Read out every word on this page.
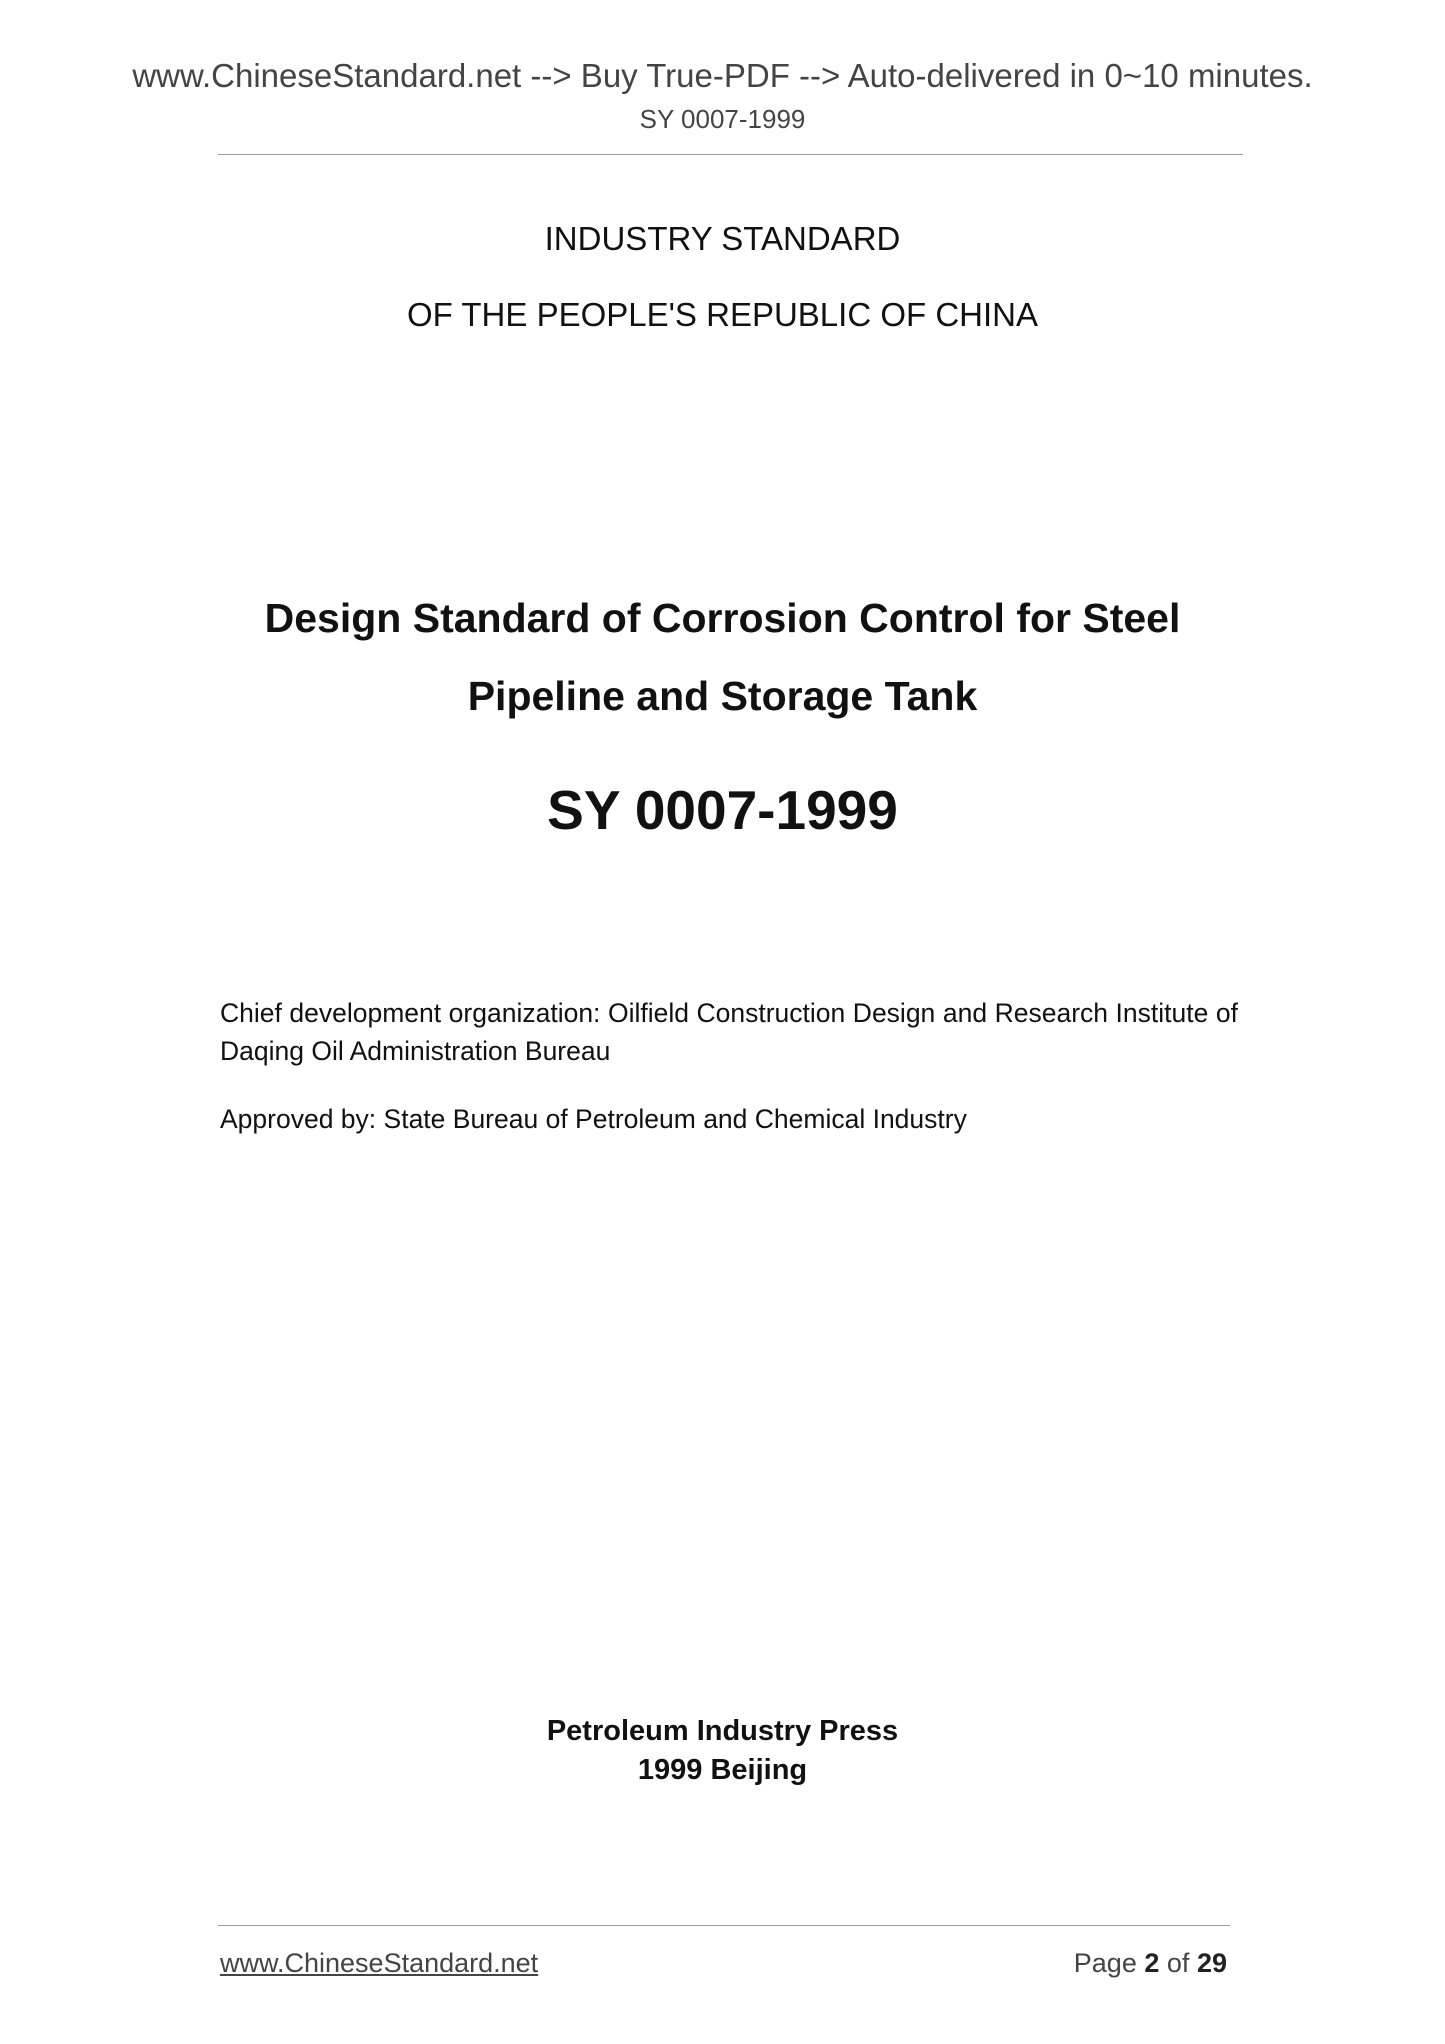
www.ChineseStandard.net --> Buy True-PDF --> Auto-delivered in 0~10 minutes.
SY 0007-1999
INDUSTRY STANDARD
OF THE PEOPLE'S REPUBLIC OF CHINA
Design Standard of Corrosion Control for Steel
Pipeline and Storage Tank
SY 0007-1999
Chief development organization: Oilfield Construction Design and Research Institute of Daqing Oil Administration Bureau
Approved by: State Bureau of Petroleum and Chemical Industry
Petroleum Industry Press
1999 Beijing
www.ChineseStandard.net	Page 2 of 29
